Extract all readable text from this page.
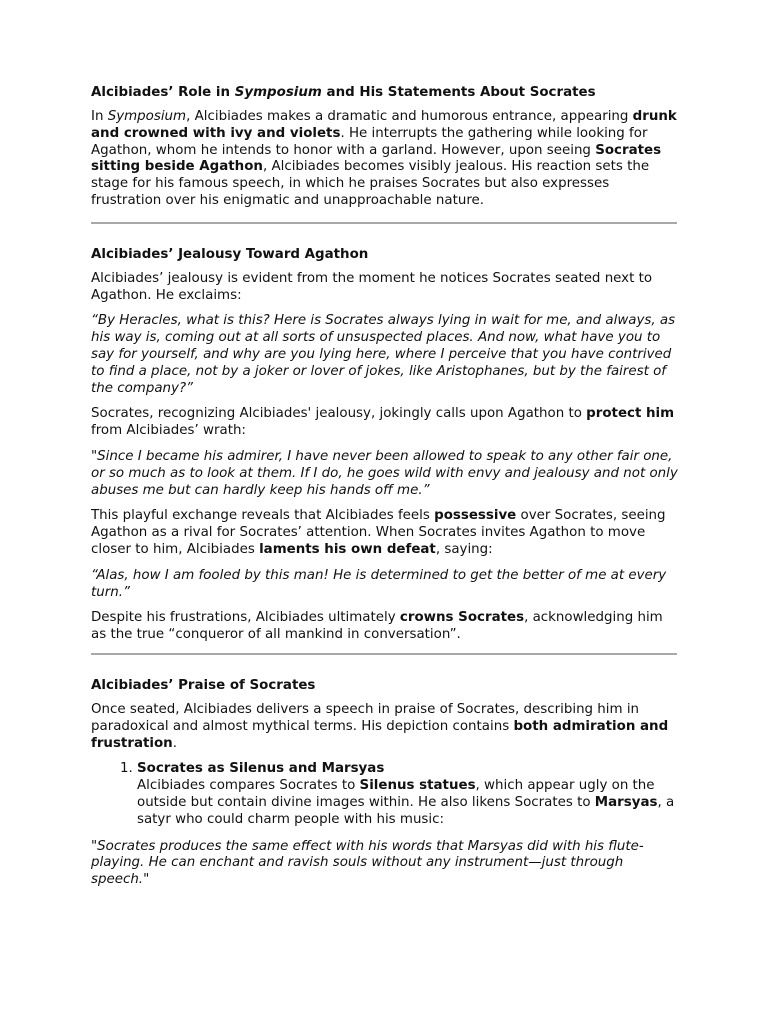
Alcibiades’ Role in Symposium and His Statements About Socrates

In Symposium, Alcibiades makes a dramatic and humorous entrance, appearing drunk and crowned with ivy and violets. He interrupts the gathering while looking for Agathon, whom he intends to honor with a garland. However, upon seeing Socrates sitting beside Agathon, Alcibiades becomes visibly jealous. His reaction sets the stage for his famous speech, in which he praises Socrates but also expresses frustration over his enigmatic and unapproachable nature.

Alcibiades’ Jealousy Toward Agathon

Alcibiades’ jealousy is evident from the moment he notices Socrates seated next to Agathon. He exclaims:

“By Heracles, what is this? Here is Socrates always lying in wait for me, and always, as his way is, coming out at all sorts of unsuspected places. And now, what have you to say for yourself, and why are you lying here, where I perceive that you have contrived to find a place, not by a joker or lover of jokes, like Aristophanes, but by the fairest of the company?”

Socrates, recognizing Alcibiades' jealousy, jokingly calls upon Agathon to protect him from Alcibiades’ wrath:

"Since I became his admirer, I have never been allowed to speak to any other fair one, or so much as to look at them. If I do, he goes wild with envy and jealousy and not only abuses me but can hardly keep his hands off me.”

This playful exchange reveals that Alcibiades feels possessive over Socrates, seeing Agathon as a rival for Socrates’ attention. When Socrates invites Agathon to move closer to him, Alcibiades laments his own defeat, saying:

“Alas, how I am fooled by this man! He is determined to get the better of me at every turn.”

Despite his frustrations, Alcibiades ultimately crowns Socrates, acknowledging him as the true “conqueror of all mankind in conversation”.

Alcibiades’ Praise of Socrates

Once seated, Alcibiades delivers a speech in praise of Socrates, describing him in paradoxical and almost mythical terms. His depiction contains both admiration and frustration.

1. Socrates as Silenus and Marsyas
Alcibiades compares Socrates to Silenus statues, which appear ugly on the outside but contain divine images within. He also likens Socrates to Marsyas, a satyr who could charm people with his music:

"Socrates produces the same effect with his words that Marsyas did with his flute-playing. He can enchant and ravish souls without any instrument—just through speech."
